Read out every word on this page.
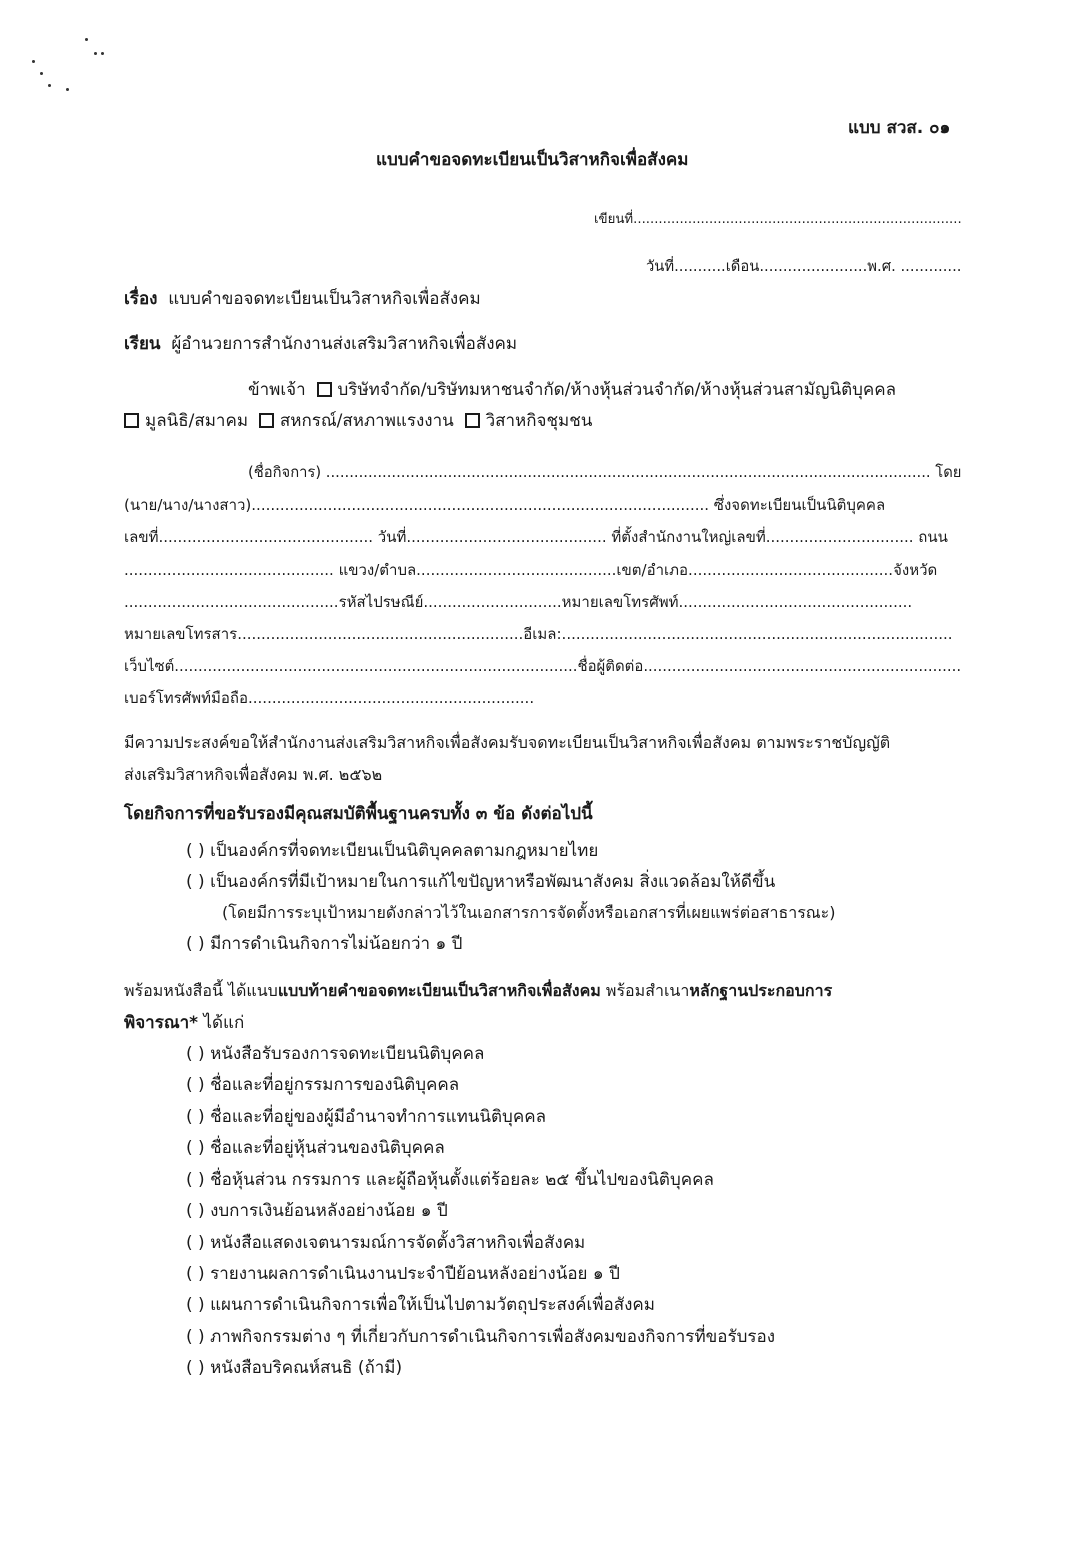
แบบ สวส. ๐๑
แบบคำขอจดทะเบียนเป็นวิสาหกิจเพื่อสังคม
เขียนที่..............................................................................
วันที่...........เดือน.......................พ.ศ. .............
เรื่อง แบบคำขอจดทะเบียนเป็นวิสาหกิจเพื่อสังคม
เรียน ผู้อำนวยการสำนักงานส่งเสริมวิสาหกิจเพื่อสังคม
ข้าพเจ้า บริษัทจำกัด/บริษัทมหาชนจำกัด/ห้างหุ้นส่วนจำกัด/ห้างหุ้นส่วนสามัญนิติบุคคล
มูลนิธิ/สมาคม สหกรณ์/สหภาพแรงงาน วิสาหกิจชุมชน
(ชื่อกิจการ) ................................................................................................................................. โดย
(นาย/นาง/นางสาว)................................................................................................ ซึ่งจดทะเบียนเป็นนิติบุคคล
เลขที่............................................. วันที่.......................................... ที่ตั้งสำนักงานใหญ่เลขที่............................... ถนน
............................................ แขวง/ตำบล..........................................เขต/อำเภอ...........................................จังหวัด
.............................................รหัสไปรษณีย์.............................หมายเลขโทรศัพท์.................................................
หมายเลขโทรสาร............................................................อีเมล:..................................................................................
เว็บไซต์.....................................................................................ชื่อผู้ติดต่อ...................................................................
เบอร์โทรศัพท์มือถือ............................................................
มีความประสงค์ขอให้สำนักงานส่งเสริมวิสาหกิจเพื่อสังคมรับจดทะเบียนเป็นวิสาหกิจเพื่อสังคม ตามพระราชบัญญัติ
ส่งเสริมวิสาหกิจเพื่อสังคม พ.ศ. ๒๕๖๒
โดยกิจการที่ขอรับรองมีคุณสมบัติพื้นฐานครบทั้ง ๓ ข้อ ดังต่อไปนี้
( ) เป็นองค์กรที่จดทะเบียนเป็นนิติบุคคลตามกฎหมายไทย
( ) เป็นองค์กรที่มีเป้าหมายในการแก้ไขปัญหาหรือพัฒนาสังคม สิ่งแวดล้อมให้ดีขึ้น
(โดยมีการระบุเป้าหมายดังกล่าวไว้ในเอกสารการจัดตั้งหรือเอกสารที่เผยแพร่ต่อสาธารณะ)
( ) มีการดำเนินกิจการไม่น้อยกว่า ๑ ปี
พร้อมหนังสือนี้ ได้แนบแบบท้ายคำขอจดทะเบียนเป็นวิสาหกิจเพื่อสังคม พร้อมสำเนาหลักฐานประกอบการ
พิจารณา* ได้แก่
( ) หนังสือรับรองการจดทะเบียนนิติบุคคล
( ) ชื่อและที่อยู่กรรมการของนิติบุคคล
( ) ชื่อและที่อยู่ของผู้มีอำนาจทำการแทนนิติบุคคล
( ) ชื่อและที่อยู่หุ้นส่วนของนิติบุคคล
( ) ชื่อหุ้นส่วน กรรมการ และผู้ถือหุ้นตั้งแต่ร้อยละ ๒๕ ขึ้นไปของนิติบุคคล
( ) งบการเงินย้อนหลังอย่างน้อย ๑ ปี
( ) หนังสือแสดงเจตนารมณ์การจัดตั้งวิสาหกิจเพื่อสังคม
( ) รายงานผลการดำเนินงานประจำปีย้อนหลังอย่างน้อย ๑ ปี
( ) แผนการดำเนินกิจการเพื่อให้เป็นไปตามวัตถุประสงค์เพื่อสังคม
( ) ภาพกิจกรรมต่าง ๆ ที่เกี่ยวกับการดำเนินกิจการเพื่อสังคมของกิจการที่ขอรับรอง
( ) หนังสือบริคณห์สนธิ (ถ้ามี)
